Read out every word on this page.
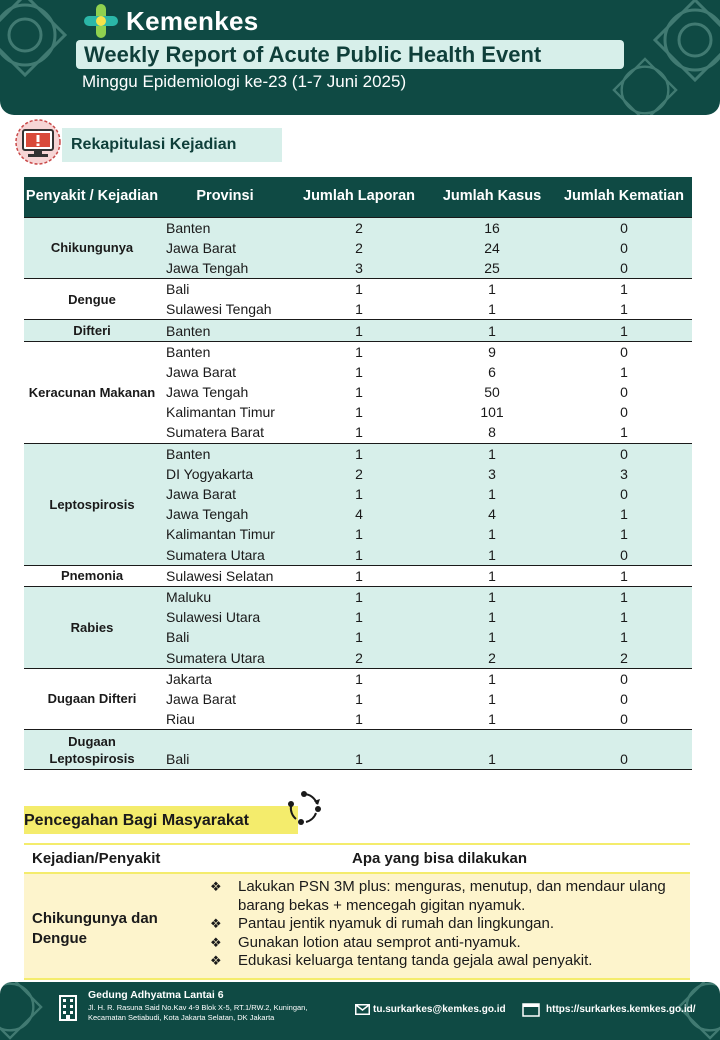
Kemenkes
Weekly Report of Acute Public Health Event
Minggu Epidemiologi ke-23 (1-7 Juni 2025)
Rekapitulasi Kejadian
Penyakit / Kejadian	Provinsi	Jumlah Laporan	Jumlah Kasus	Jumlah Kematian
Chikungunya	Banten	2	16	0
	Jawa Barat	2	24	0
	Jawa Tengah	3	25	0
Dengue	Bali	1	1	1
	Sulawesi Tengah	1	1	1
Difteri	Banten	1	1	1
Keracunan Makanan	Banten	1	9	0
	Jawa Barat	1	6	1
	Jawa Tengah	1	50	0
	Kalimantan Timur	1	101	0
	Sumatera Barat	1	8	1
Leptospirosis	Banten	1	1	0
	DI Yogyakarta	2	3	3
	Jawa Barat	1	1	0
	Jawa Tengah	4	4	1
	Kalimantan Timur	1	1	1
	Sumatera Utara	1	1	0
Pnemonia	Sulawesi Selatan	1	1	1
Rabies	Maluku	1	1	1
	Sulawesi Utara	1	1	1
	Bali	1	1	1
	Sumatera Utara	2	2	2
Dugaan Difteri	Jakarta	1	1	0
	Jawa Barat	1	1	0
	Riau	1	1	0
Dugaan Leptospirosis	Bali	1	1	0
Pencegahan Bagi Masyarakat
Kejadian/Penyakit	Apa yang bisa dilakukan
Chikungunya dan Dengue
❖ Lakukan PSN 3M plus: menguras, menutup, dan mendaur ulang barang bekas + mencegah gigitan nyamuk.
❖ Pantau jentik nyamuk di rumah dan lingkungan.
❖ Gunakan lotion atau semprot anti-nyamuk.
❖ Edukasi keluarga tentang tanda gejala awal penyakit.
Gedung Adhyatma Lantai 6
Jl. H. R. Rasuna Said No.Kav 4-9 Blok X-5, RT.1/RW.2, Kuningan, Kecamatan Setiabudi, Kota Jakarta Selatan, DK Jakarta
tu.surkarkes@kemkes.go.id	https://surkarkes.kemkes.go.id/
